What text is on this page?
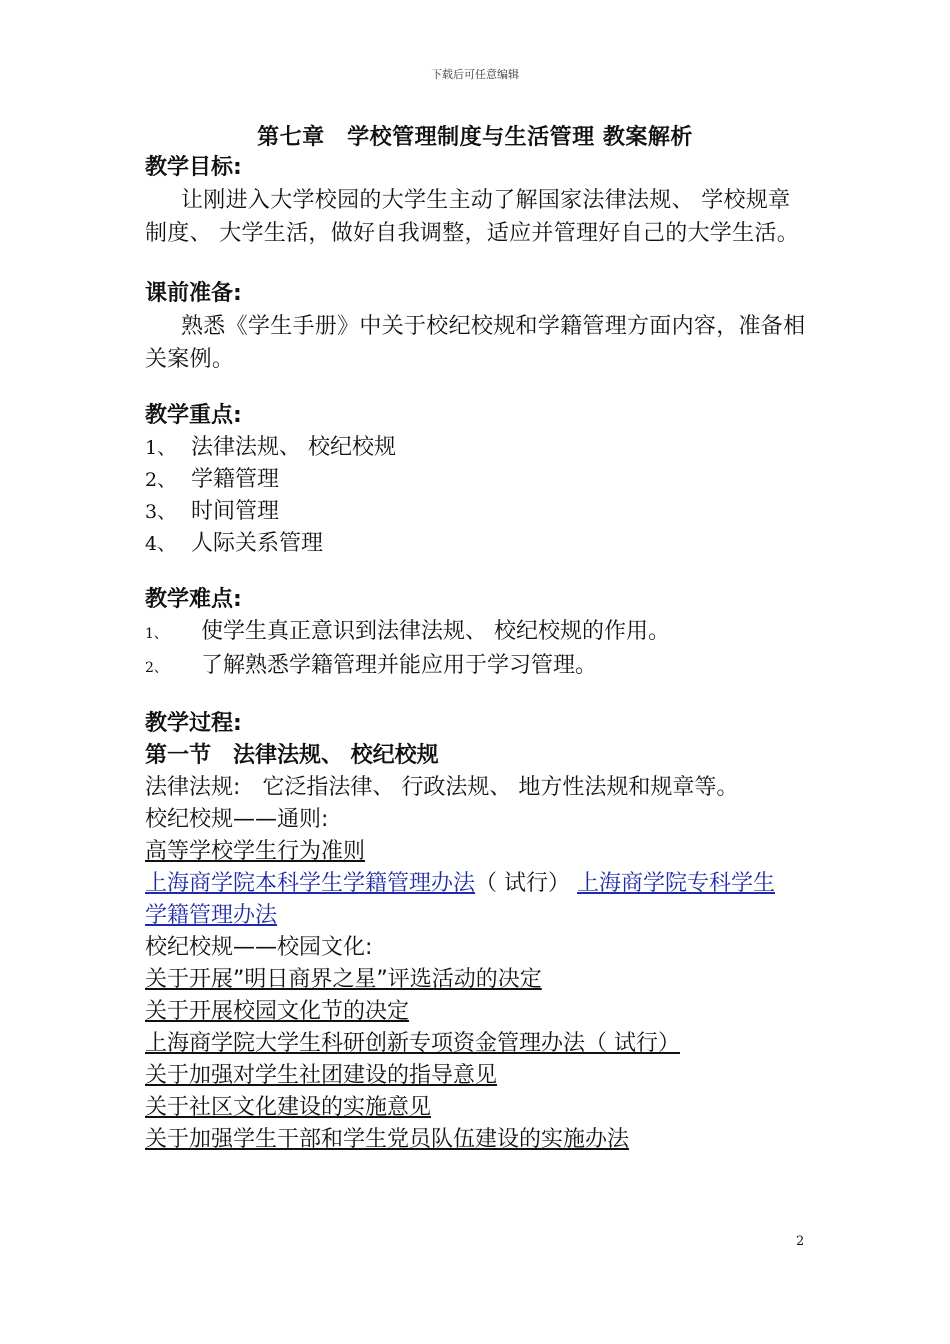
下载后可任意编辑
第七章　学校管理制度与生活管理 教案解析
教学目标:
让刚进入大学校园的大学生主动了解国家法律法规、 学校规章制度、 大学生活，做好自我调整，适应并管理好自己的大学生活。
课前准备:
熟悉《学生手册》中关于校纪校规和学籍管理方面内容，准备相关案例。
教学重点:
1、 法律法规、 校纪校规
2、 学籍管理
3、 时间管理
4、 人际关系管理
教学难点:
1、 使学生真正意识到法律法规、 校纪校规的作用。
2、 了解熟悉学籍管理并能应用于学习管理。
教学过程:
第一节　法律法规、 校纪校规
法律法规:　它泛指法律、 行政法规、 地方性法规和规章等。
校纪校规——通则:
高等学校学生行为准则
上海商学院本科学生学籍管理办法（ 试行） 上海商学院专科学生
学籍管理办法
校纪校规——校园文化:
关于开展”明日商界之星”评选活动的决定
关于开展校园文化节的决定
上海商学院大学生科研创新专项资金管理办法（ 试行）
关于加强对学生社团建设的指导意见
关于社区文化建设的实施意见
关于加强学生干部和学生党员队伍建设的实施办法
2
